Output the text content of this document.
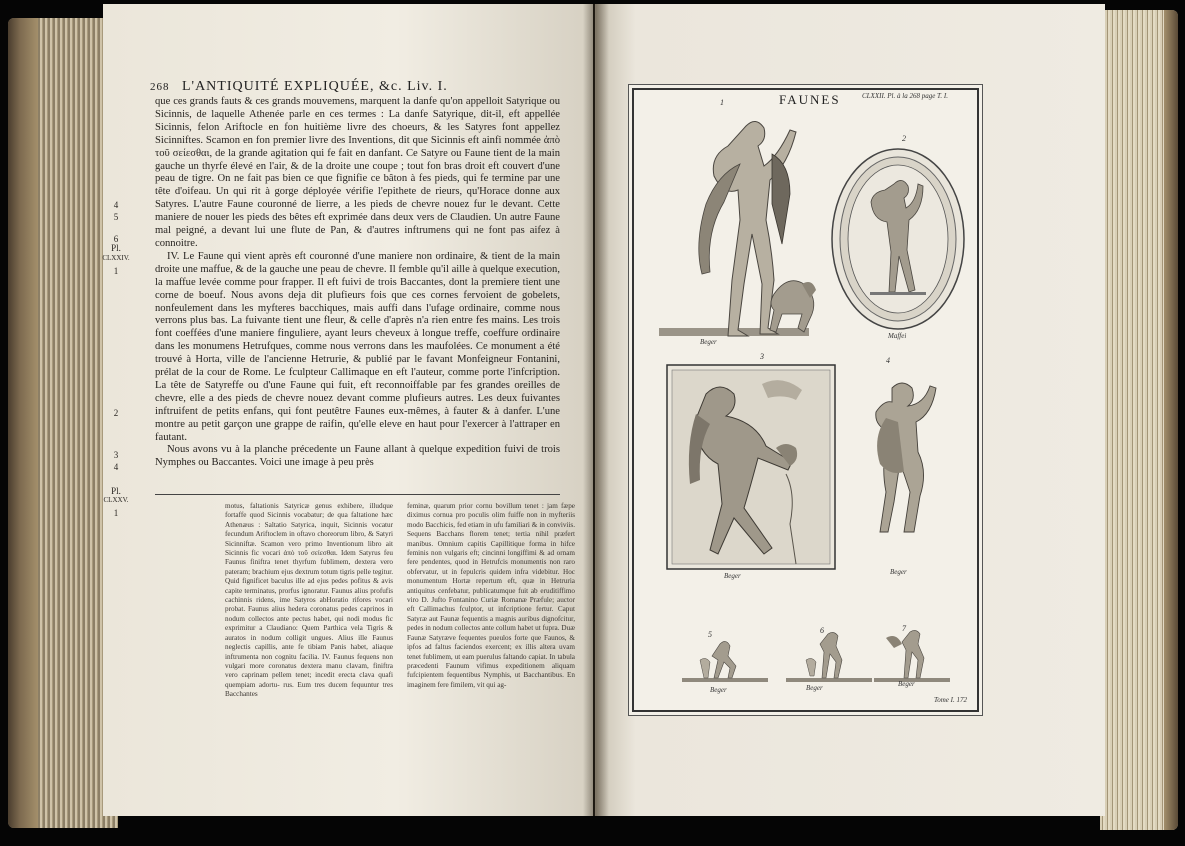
268 L'ANTIQUITÉ EXPLIQUÉE, &c. Liv. I.

que ces grands fauts & ces grands mouvemens, marquent la danfe qu'on appelloit Satyrique ou Sicinnis, de laquelle Athenée parle en ces termes : La danfe Satyrique, dit-il, eft appellée Sicinnis, felon Ariftocle en fon huitième livre des choeurs, & les Satyres font appellez Sicinniftes. Scamon en fon premier livre des Inventions, dit que Sicinnis eft ainfi nommée ἀπὸ τοῦ σείεσθαι, de la grande agitation qui fe fait en danfant. Ce Satyre ou Faune tient de la main gauche un thyrfe élevé en l'air, & de la droite une coupe ; tout fon bras droit eft couvert d'une peau de tigre. On ne fait pas bien ce que fignifie ce bâton à fes pieds, qui fe termine par une tête d'oifeau. Un qui rit à gorge déployée vérifie l'epithete de rieurs, qu'Horace donne aux Satyres. L'autre Faune couronné de lierre, a les pieds de chevre nouez fur le devant. Cette maniere de nouer les pieds des bêtes eft exprimée dans deux vers de Claudien. Un autre Faune mal peigné, a devant lui une flute de Pan, & d'autres inftrumens qui ne font pas aifez à connoitre.

IV. Le Faune qui vient après eft couronné d'une maniere non ordinaire, & tient de la main droite une maffue, & de la gauche une peau de chevre. Il femble qu'il aille à quelque execution, la maffue levée comme pour frapper. Il eft fuivi de trois Baccantes, dont la premiere tient une corne de boeuf. Nous avons deja dit plufieurs fois que ces cornes fervoient de gobelets, nonfeulement dans les myfteres bacchiques, mais auffi dans l'ufage ordinaire, comme nous verrons plus bas. La fuivante tient une fleur, & celle d'après n'a rien entre fes mains. Les trois font coeffées d'une maniere finguliere, ayant leurs cheveux à longue treffe, coeffure ordinaire dans les monumens Hetrufques, comme nous verrons dans les maufolées. Ce monument a été trouvé à Horta, ville de l'ancienne Hetrurie, & publié par le favant Monfeigneur Fontanini, prélat de la cour de Rome. Le fculpteur Callimaque en eft l'auteur, comme porte l'infcription. La tête de Satyreffe ou d'une Faune qui fuit, eft reconnoiffable par fes grandes oreilles de chevre, elle a des pieds de chevre nouez devant comme plufieurs autres. Les deux fuivantes inftruifent de petits enfans, qui font peutêtre Faunes eux-mêmes, à fauter & à danfer. L'une montre au petit garçon une grappe de raifin, qu'elle eleve en haut pour l'exercer à l'attraper en fautant.

Nous avons vu à la planche précedente un Faune allant à quelque expedition fuivi de trois Nymphes ou Baccantes. Voici une image à peu près

4
5
6
Pl.
CLXXIV.
1
2
3
4
Pl.
CLXXV.
1
motus, faltationis Satyricæ genus exhibere, illudque fortaffe quod Sicinnis vocabatur; de qua faltatione hæc Athenæus : Saltatio Satyrica, inquit, Sicinnis vocatur fecundum Ariftoclem in oftavo choreorum libro, & Satyri Sicinniftæ. Scamon vero primo Inventionum libro ait Sicinnis fic vocari ἀπὸ τοῦ σείεσθαι. Idem Satyrus feu Faunus finiftra tenet thyrfum fublimem, dextera vero pateram; brachium ejus dextrum totum tigris pelle tegitur. Quid fignificet baculus ille ad ejus pedes pofitus & avis capite terminatus, prorfus ignoratur. Faunus alius profufis cachinnis ridens, ime Satyros abHoratio rifores vocari probat. Faunus alius hedera coronatus pedes caprinos in nodum collectos ante pectus habet, qui nodi modus fic exprimitur a Claudiano: Quem Parthica vela Tigris & auratos in nodum colligit ungues. Alius ille Faunus neglectis capillis, ante fe tibiam Panis habet, aliaque inftrumenta non cognitu facilia. IV. Faunus fequens non vulgari more coronatus dextera manu clavam, finiftra vero caprinam pellem tenet; incedit erecta clava quafi quempiam adortu- rus. Eum tres ducem fequuntur tres Bacchantes
feminæ, quarum prior cornu bovillum tenet : jam fæpe diximus cornua pro poculis olim fuiffe non in myfteriis modo Bacchicis, fed etiam in ufu familiari & in conviviis. Sequens Bacchans florem tenet; tertia nihil præfert manibus. Omnium capitis Capillitique forma in hifce feminis non vulgaris eft; cincinni longiffimi & ad ornam fere pendentes, quod in Hetrufcis monumentis non raro obfervatur, ut in fepulcris quidem infra videbitur. Hoc monumentum Hortæ repertum eft, quæ in Hetruria antiquitus cenfebatur, publicatumque fuit ab eruditiffimo viro D. Jufto Fontanino Curiæ Romanæ Præfule; auctor eft Callimachus fculptor, ut infcriptione fertur. Caput Satyræ aut Faunæ fequentis a magnis auribus dignofcitur, pedes in nodum collectos ante collum habet ut fupra. Duæ Faunæ Satyræve fequentes pueulos forte que Faunos, & ipfos ad faltus faciendos exercent; ex illis altera uvam tenet fublimem, ut eam puerulus faltando capiat. In tabula præcedenti Faunum vifimus expeditionem aliquam fufcipientem fequentibus Nymphis, ut Bacchantibus. En imaginem fere fimilem, vit qui ag-
FAUNES	CLXXII. Pl. à la 268 page T. I.
1
Beger
2
Maffei
3
Beger
4
Beger
5
Beger
6
Beger
7
Beger
Tome I. 172
